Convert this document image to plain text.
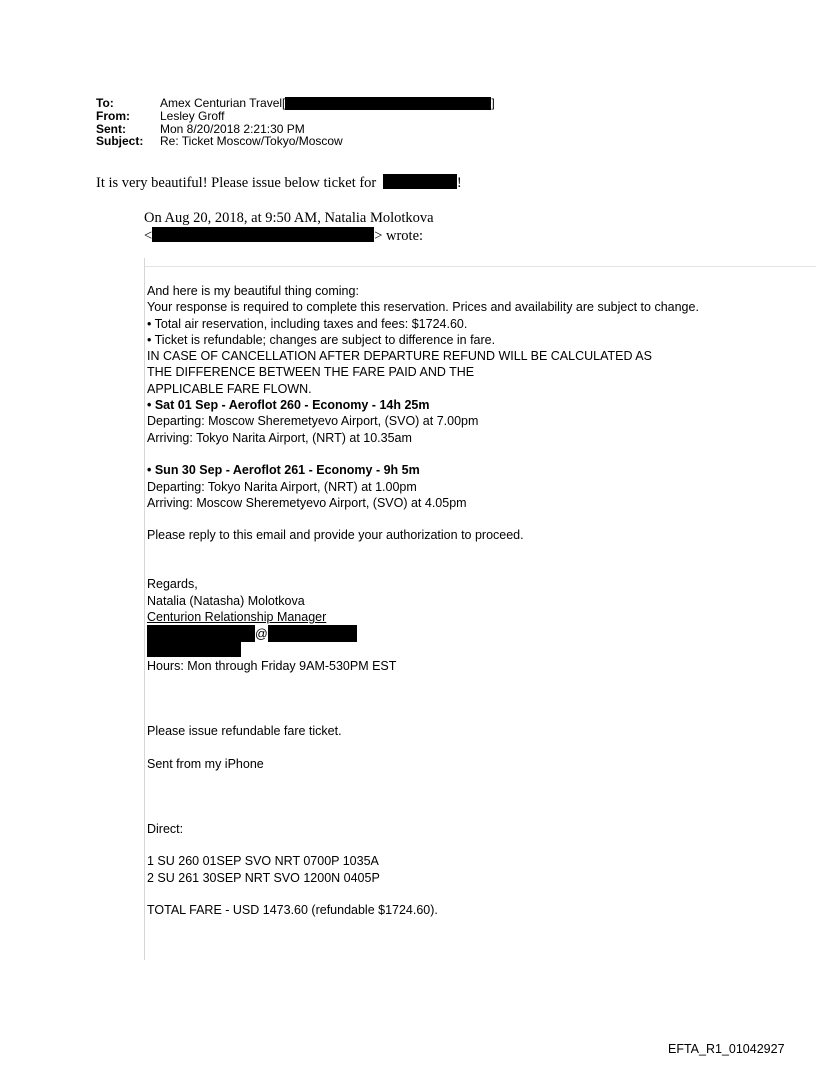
To:	Amex Centurian Travel[	]
From:	Lesley Groff
Sent:	Mon 8/20/2018 2:21:30 PM
Subject:	Re: Ticket Moscow/Tokyo/Moscow
It is very beautiful! Please issue below ticket for	!
On Aug 20, 2018, at 9:50 AM, Natalia Molotkova
<	> wrote:
And here is my beautiful thing coming:
Your response is required to complete this reservation. Prices and availability are subject to change.
• Total air reservation, including taxes and fees: $1724.60.
• Ticket is refundable; changes are subject to difference in fare.
IN CASE OF CANCELLATION AFTER DEPARTURE REFUND WILL BE CALCULATED AS
THE DIFFERENCE BETWEEN THE FARE PAID AND THE
APPLICABLE FARE FLOWN.
• Sat 01 Sep - Aeroflot 260 - Economy - 14h 25m
Departing: Moscow Sheremetyevo Airport, (SVO) at 7.00pm
Arriving: Tokyo Narita Airport, (NRT) at 10.35am
• Sun 30 Sep - Aeroflot 261 - Economy - 9h 5m
Departing: Tokyo Narita Airport, (NRT) at 1.00pm
Arriving: Moscow Sheremetyevo Airport, (SVO) at 4.05pm
Please reply to this email and provide your authorization to proceed.
Regards,
Natalia (Natasha) Molotkova
Centurion Relationship Manager
@
Hours: Mon through Friday 9AM-530PM EST
Please issue refundable fare ticket.
Sent from my iPhone
Direct:
1 SU 260 01SEP SVO NRT 0700P 1035A
2 SU 261 30SEP NRT SVO 1200N 0405P
TOTAL FARE - USD 1473.60 (refundable $1724.60).
EFTA_R1_01042927
